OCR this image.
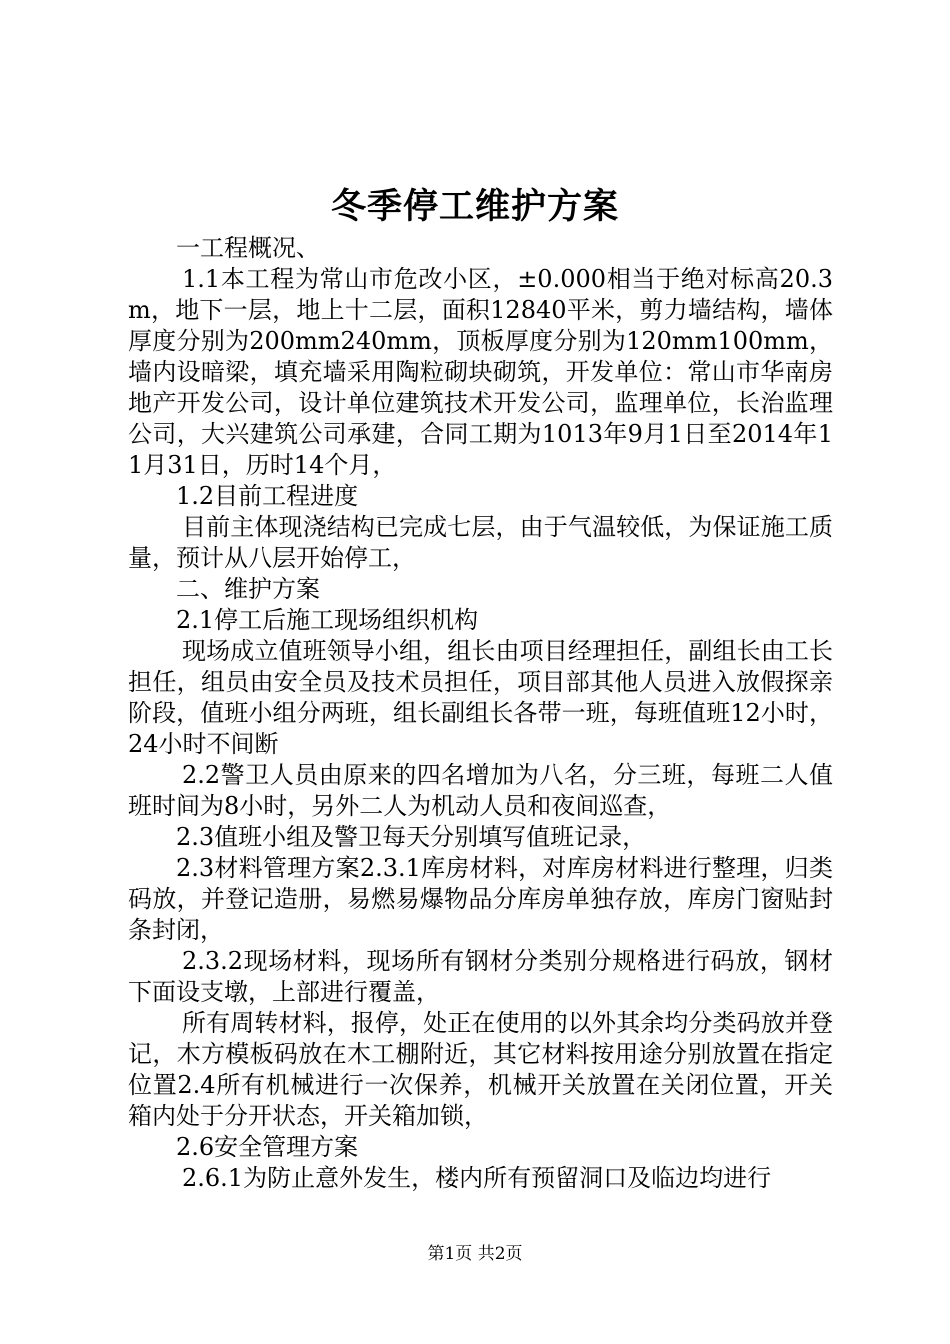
冬季停工维护方案

一工程概况、

1.1本工程为常山市危改小区，±0.000相当于绝对标高20.3m，地下一层，地上十二层，面积12840平米，剪力墙结构，墙体厚度分别为200mm240mm，顶板厚度分别为120mm100mm，墙内设暗梁，填充墙采用陶粒砌块砌筑，开发单位：常山市华南房地产开发公司，设计单位建筑技术开发公司，监理单位，长治监理公司，大兴建筑公司承建，合同工期为1013年9月1日至2014年11月31日，历时14个月，

1.2目前工程进度

目前主体现浇结构已完成七层，由于气温较低，为保证施工质量，预计从八层开始停工，

二、维护方案

2.1停工后施工现场组织机构

现场成立值班领导小组，组长由项目经理担任，副组长由工长担任，组员由安全员及技术员担任，项目部其他人员进入放假探亲阶段，值班小组分两班，组长副组长各带一班，每班值班12小时，24小时不间断

2.2警卫人员由原来的四名增加为八名，分三班，每班二人值班时间为8小时，另外二人为机动人员和夜间巡查，

2.3值班小组及警卫每天分别填写值班记录，

2.3材料管理方案2.3.1库房材料，对库房材料进行整理，归类码放，并登记造册，易燃易爆物品分库房单独存放，库房门窗贴封条封闭，

2.3.2现场材料，现场所有钢材分类别分规格进行码放，钢材下面设支墩，上部进行覆盖，

所有周转材料，报停，处正在使用的以外其余均分类码放并登记，木方模板码放在木工棚附近，其它材料按用途分别放置在指定位置2.4所有机械进行一次保养，机械开关放置在关闭位置，开关箱内处于分开状态，开关箱加锁，

2.6安全管理方案

2.6.1为防止意外发生，楼内所有预留洞口及临边均进行

第1页 共2页
